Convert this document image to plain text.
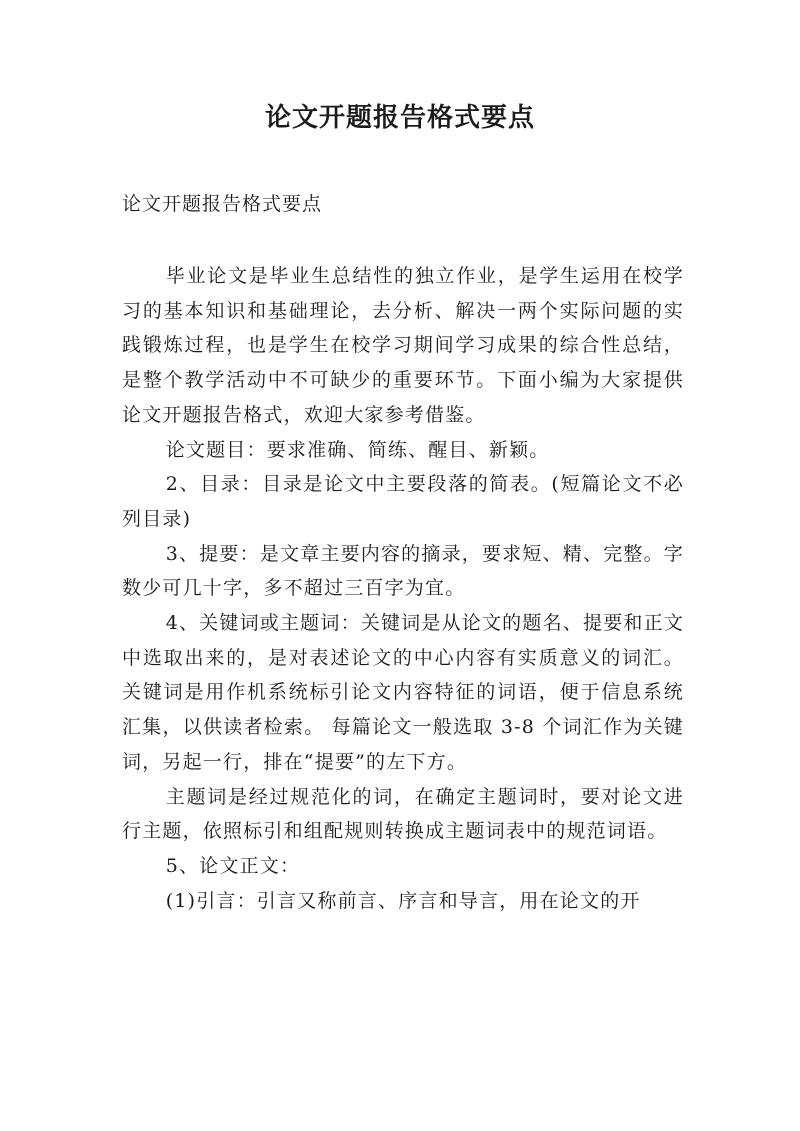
论文开题报告格式要点

论文开题报告格式要点

毕业论文是毕业生总结性的独立作业，是学生运用在校学习的基本知识和基础理论，去分析、解决一两个实际问题的实践锻炼过程，也是学生在校学习期间学习成果的综合性总结，是整个教学活动中不可缺少的重要环节。下面小编为大家提供论文开题报告格式，欢迎大家参考借鉴。

论文题目：要求准确、简练、醒目、新颖。

2、目录：目录是论文中主要段落的简表。(短篇论文不必列目录)

3、提要：是文章主要内容的摘录，要求短、精、完整。字数少可几十字，多不超过三百字为宜。

4、关键词或主题词：关键词是从论文的题名、提要和正文中选取出来的，是对表述论文的中心内容有实质意义的词汇。关键词是用作机系统标引论文内容特征的词语，便于信息系统汇集，以供读者检索。 每篇论文一般选取 3-8 个词汇作为关键词，另起一行，排在“提要”的左下方。

主题词是经过规范化的词，在确定主题词时，要对论文进行主题，依照标引和组配规则转换成主题词表中的规范词语。

5、论文正文：

(1)引言：引言又称前言、序言和导言，用在论文的开
